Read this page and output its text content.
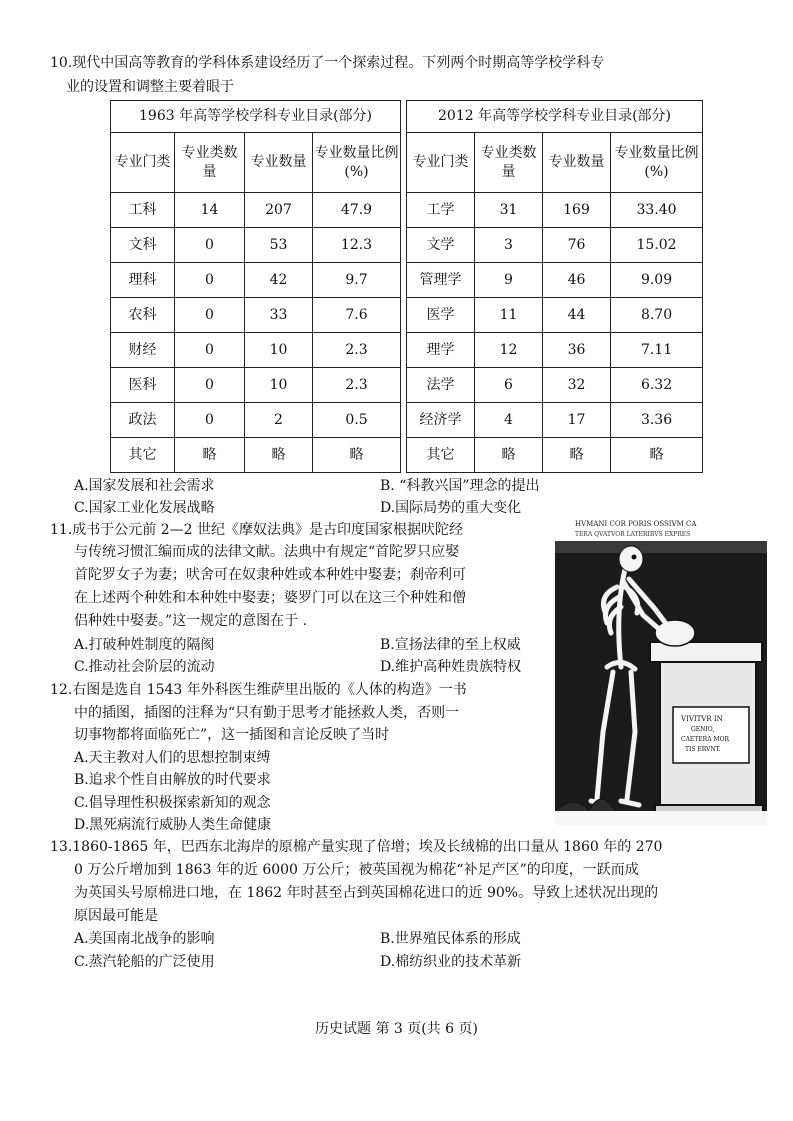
10.现代中国高等教育的学科体系建设经历了一个探索过程。下列两个时期高等学校学科专
业的设置和调整主要着眼于
1963 年高等学校学科专业目录(部分)					2012 年高等学校学科专业目录(部分)			
专业门类	专业类数量	专业数量	专业数量比例(%)		专业门类	专业类数量	专业数量	专业数量比例(%)
工科	14	207	47.9		工学	31	169	33.40
文科	0	53	12.3		文学	3	76	15.02
理科	0	42	9.7		管理学	9	46	9.09
农科	0	33	7.6		医学	11	44	8.70
财经	0	10	2.3		理学	12	36	7.11
医科	0	10	2.3		法学	6	32	6.32
政法	0	2	0.5		经济学	4	17	3.36
其它	略	略	略		其它	略	略	略
A.国家发展和社会需求	B. “科教兴国”理念的提出
C.国家工业化发展战略	D.国际局势的重大变化
11.成书于公元前 2—2 世纪《摩奴法典》是古印度国家根据吠陀经
与传统习惯汇编而成的法律文献。法典中有规定“首陀罗只应娶
首陀罗女子为妻；吠舍可在奴隶种姓或本种姓中娶妻；刹帝利可
在上述两个种姓和本种姓中娶妻；婆罗门可以在这三个种姓和僧
侣种姓中娶妻。”这一规定的意图在于 .
A.打破种姓制度的隔阂	B.宣扬法律的至上权威
C.推动社会阶层的流动	D.维护高种姓贵族特权
12.右图是选自 1543 年外科医生维萨里出版的《人体的构造》一书
中的插图，插图的注释为“只有勤于思考才能拯救人类，否则一
切事物都将面临死亡”，这一插图和言论反映了当时
A.天主教对人们的思想控制束缚
B.追求个性自由解放的时代要求
C.倡导理性积极探索新知的观念
D.黑死病流行威胁人类生命健康
HVMANI COR PORIS OSSIVM CA
TERA QVATVOR LATERIBVS EXPRES
VIVITVR IN
GENIO,
CAETERA MOR
TIS ERVNT.
13.1860-1865 年，巴西东北海岸的原棉产量实现了倍增；埃及长绒棉的出口量从 1860 年的 270
0 万公斤增加到 1863 年的近 6000 万公斤；被英国视为棉花“补足产区”的印度，一跃而成
为英国头号原棉进口地，在 1862 年时甚至占到英国棉花进口的近 90%。导致上述状况出现的
原因最可能是
A.美国南北战争的影响	B.世界殖民体系的形成
C.蒸汽轮船的广泛使用	D.棉纺织业的技术革新
历史试题 第 3 页(共 6 页)
